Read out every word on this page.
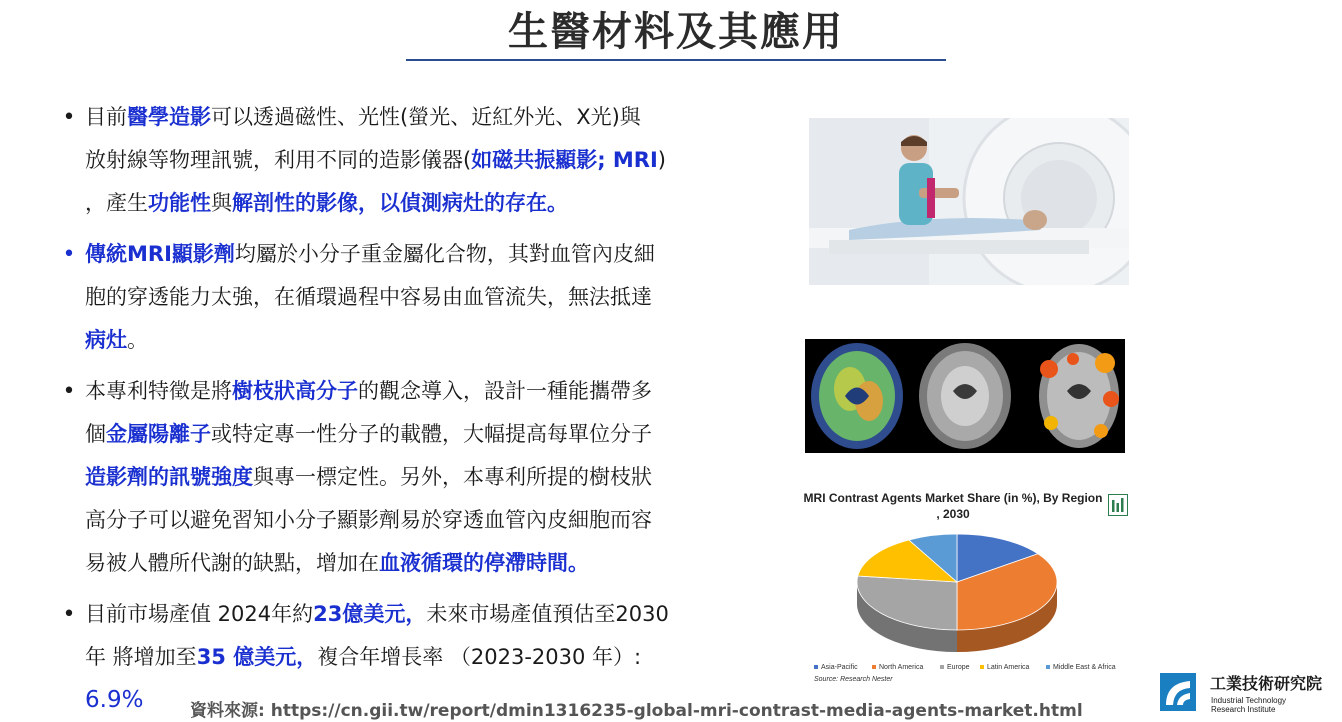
生醫材料及其應用
• 目前醫學造影可以透過磁性、光性(螢光、近紅外光、X光)與
放射線等物理訊號，利用不同的造影儀器(如磁共振顯影; MRI)
，產生功能性與解剖性的影像，以偵測病灶的存在。
• 傳統MRI顯影劑均屬於小分子重金屬化合物，其對血管內皮細
胞的穿透能力太強，在循環過程中容易由血管流失，無法抵達
病灶。
• 本專利特徵是將樹枝狀高分子的觀念導入，設計一種能攜帶多
個金屬陽離子或特定專一性分子的載體，大幅提高每單位分子
造影劑的訊號強度與專一標定性。另外，本專利所提的樹枝狀
高分子可以避免習知小分子顯影劑易於穿透血管內皮細胞而容
易被人體所代謝的缺點，增加在血液循環的停滯時間。
• 目前市場產值 2024年約23億美元，未來市場產值預估至2030
年 將增加至35 億美元，複合年增長率 （2023-2030 年）:
6.9%
MRI Contrast Agents Market Share (in %), By Region
, 2030
Asia-Pacific	North America	Europe	Latin America	Middle East & Africa
Source: Research Nester
資料來源: https://cn.gii.tw/report/dmin1316235-global-mri-contrast-media-agents-market.html
工業技術研究院
Industrial Technology
Research Institute
